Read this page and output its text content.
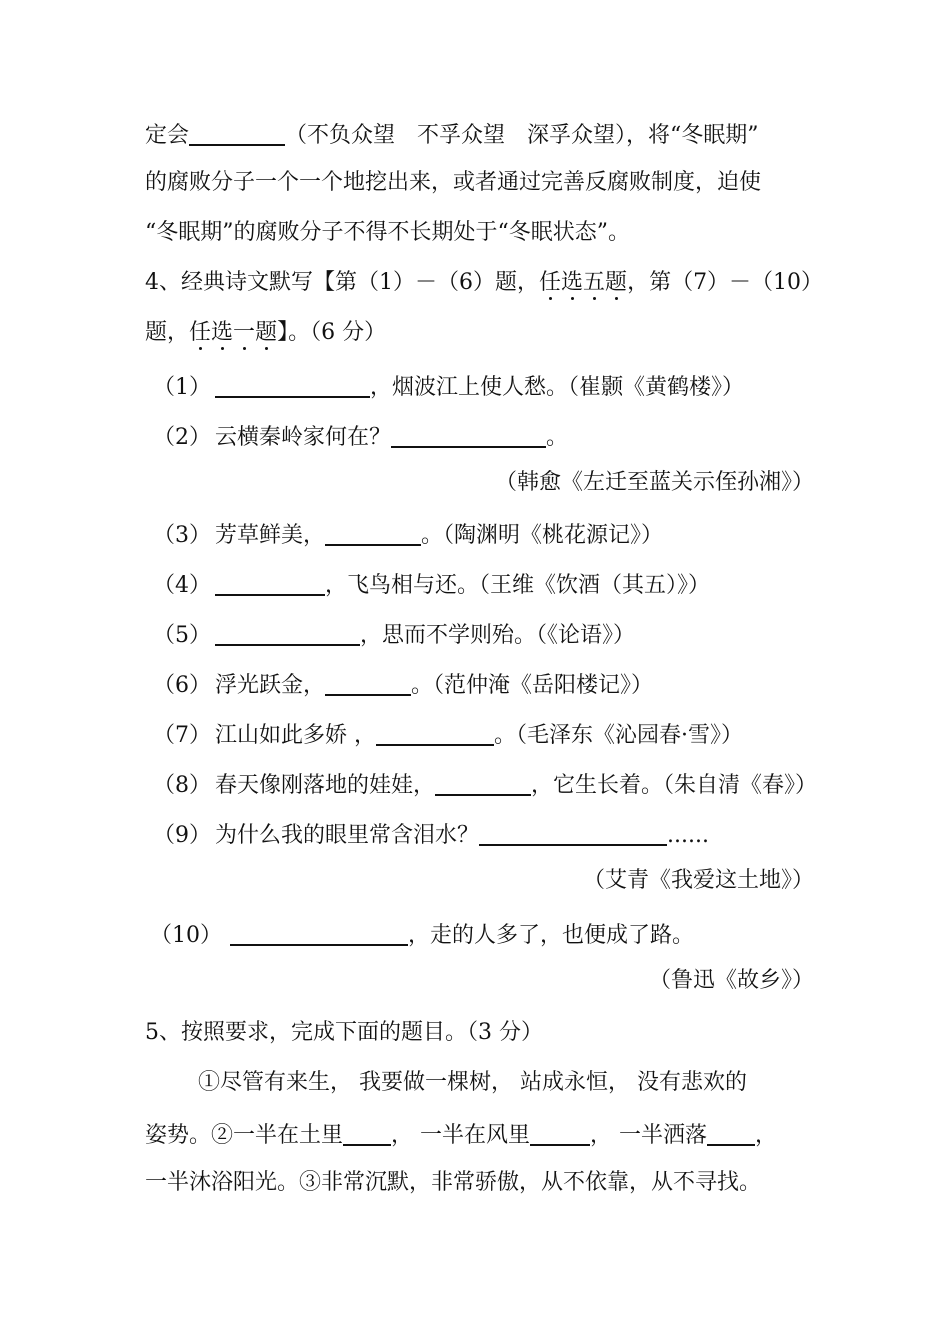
定会	（不负众望　不孚众望　深孚众望），将“冬眠期”
的腐败分子一个一个地挖出来，或者通过完善反腐败制度，迫使
“冬眠期”的腐败分子不得不长期处于“冬眠状态”。
4、经典诗文默写【第（1）－（6）题，任选五题，第（7）－（10）
题，任选一题】。（6 分）
（1）	，烟波江上使人愁。（崔颢《黄鹤楼》）
（2） 云横秦岭家何在？	。
（韩愈《左迁至蓝关示侄孙湘》）
（3） 芳草鲜美，	。（陶渊明《桃花源记》）
（4）	，飞鸟相与还。（王维《饮酒（其五）》）
（5）	，思而不学则殆。（《论语》）
（6） 浮光跃金，	。（范仲淹《岳阳楼记》）
（7） 江山如此多娇 ，	。（毛泽东《沁园春·雪》）
（8） 春天像刚落地的娃娃，	，它生长着。（朱自清《春》）
（9） 为什么我的眼里常含泪水？	......
（艾青《我爱这土地》）
（10）	，走的人多了，也便成了路。
（鲁迅《故乡》）
5、按照要求，完成下面的题目。（3 分）
①尽管有来生， 我要做一棵树， 站成永恒， 没有悲欢的
姿势。②一半在土里 ， 一半在风里	， 一半洒落 ，
一半沐浴阳光。③非常沉默，非常骄傲，从不依靠，从不寻找。
